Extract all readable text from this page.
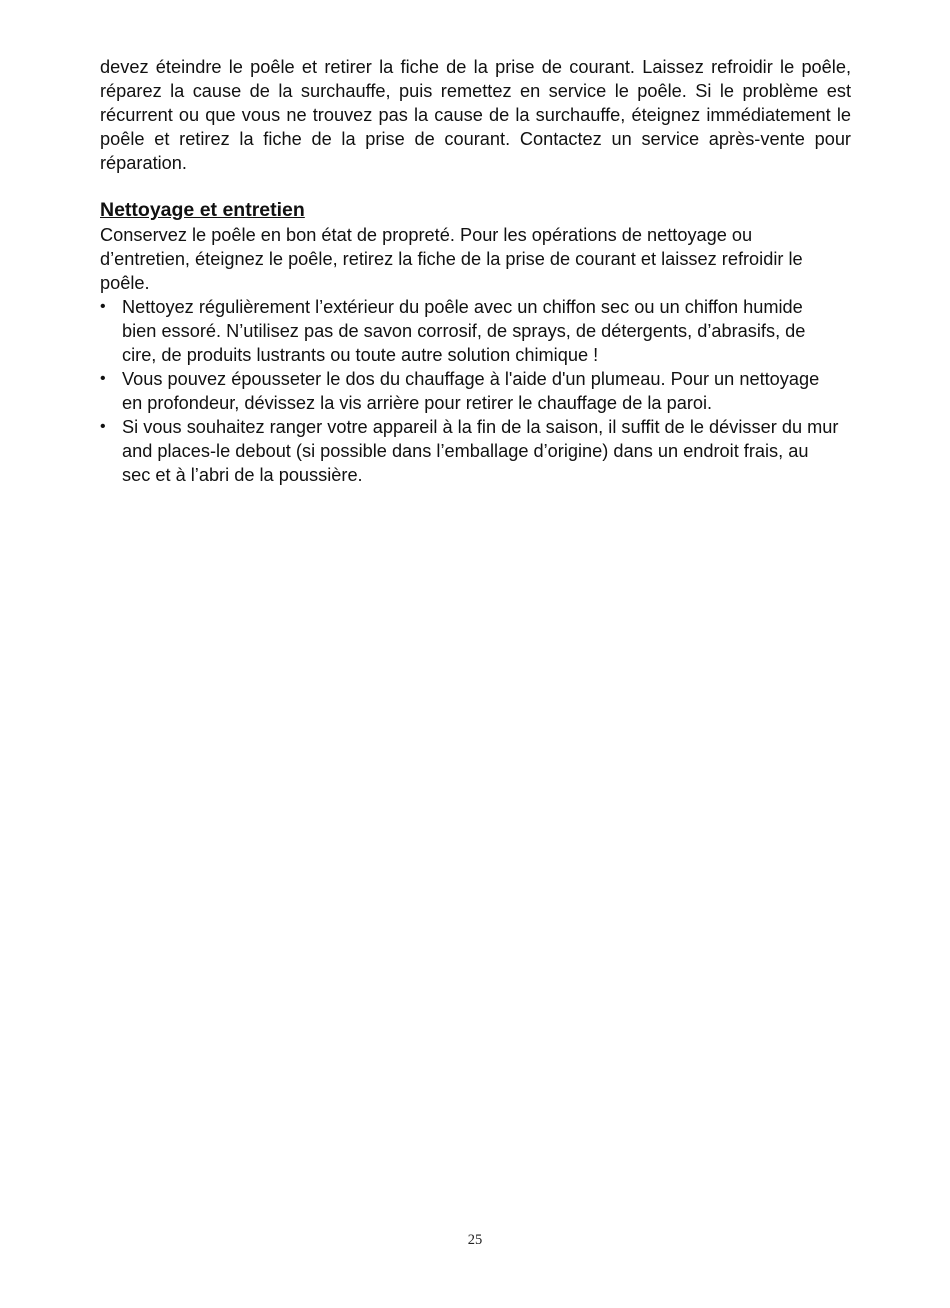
devez éteindre le poêle et retirer la fiche de la prise de courant. Laissez refroidir le poêle, réparez la cause de la surchauffe, puis remettez en service le poêle. Si le problème est récurrent ou que vous ne trouvez pas la cause de la surchauffe, éteignez immédiatement le poêle et retirez la fiche de la prise de courant. Contactez un service après-vente pour réparation.

Nettoyage et entretien

Conservez le poêle en bon état de propreté. Pour les opérations de nettoyage ou d’entretien, éteignez le poêle, retirez la fiche de la prise de courant et laissez refroidir le poêle.

• Nettoyez régulièrement l’extérieur du poêle avec un chiffon sec ou un chiffon humide bien essoré. N’utilisez pas de savon corrosif, de sprays, de détergents, d’abrasifs, de cire, de produits lustrants ou toute autre solution chimique !
• Vous pouvez épousseter le dos du chauffage à l'aide d'un plumeau. Pour un nettoyage en profondeur, dévissez la vis arrière pour retirer le chauffage de la paroi.
• Si vous souhaitez ranger votre appareil à la fin de la saison, il suffit de le dévisser du mur and places-le debout (si possible dans l’emballage d’origine) dans un endroit frais, au sec et à l’abri de la poussière.
25
